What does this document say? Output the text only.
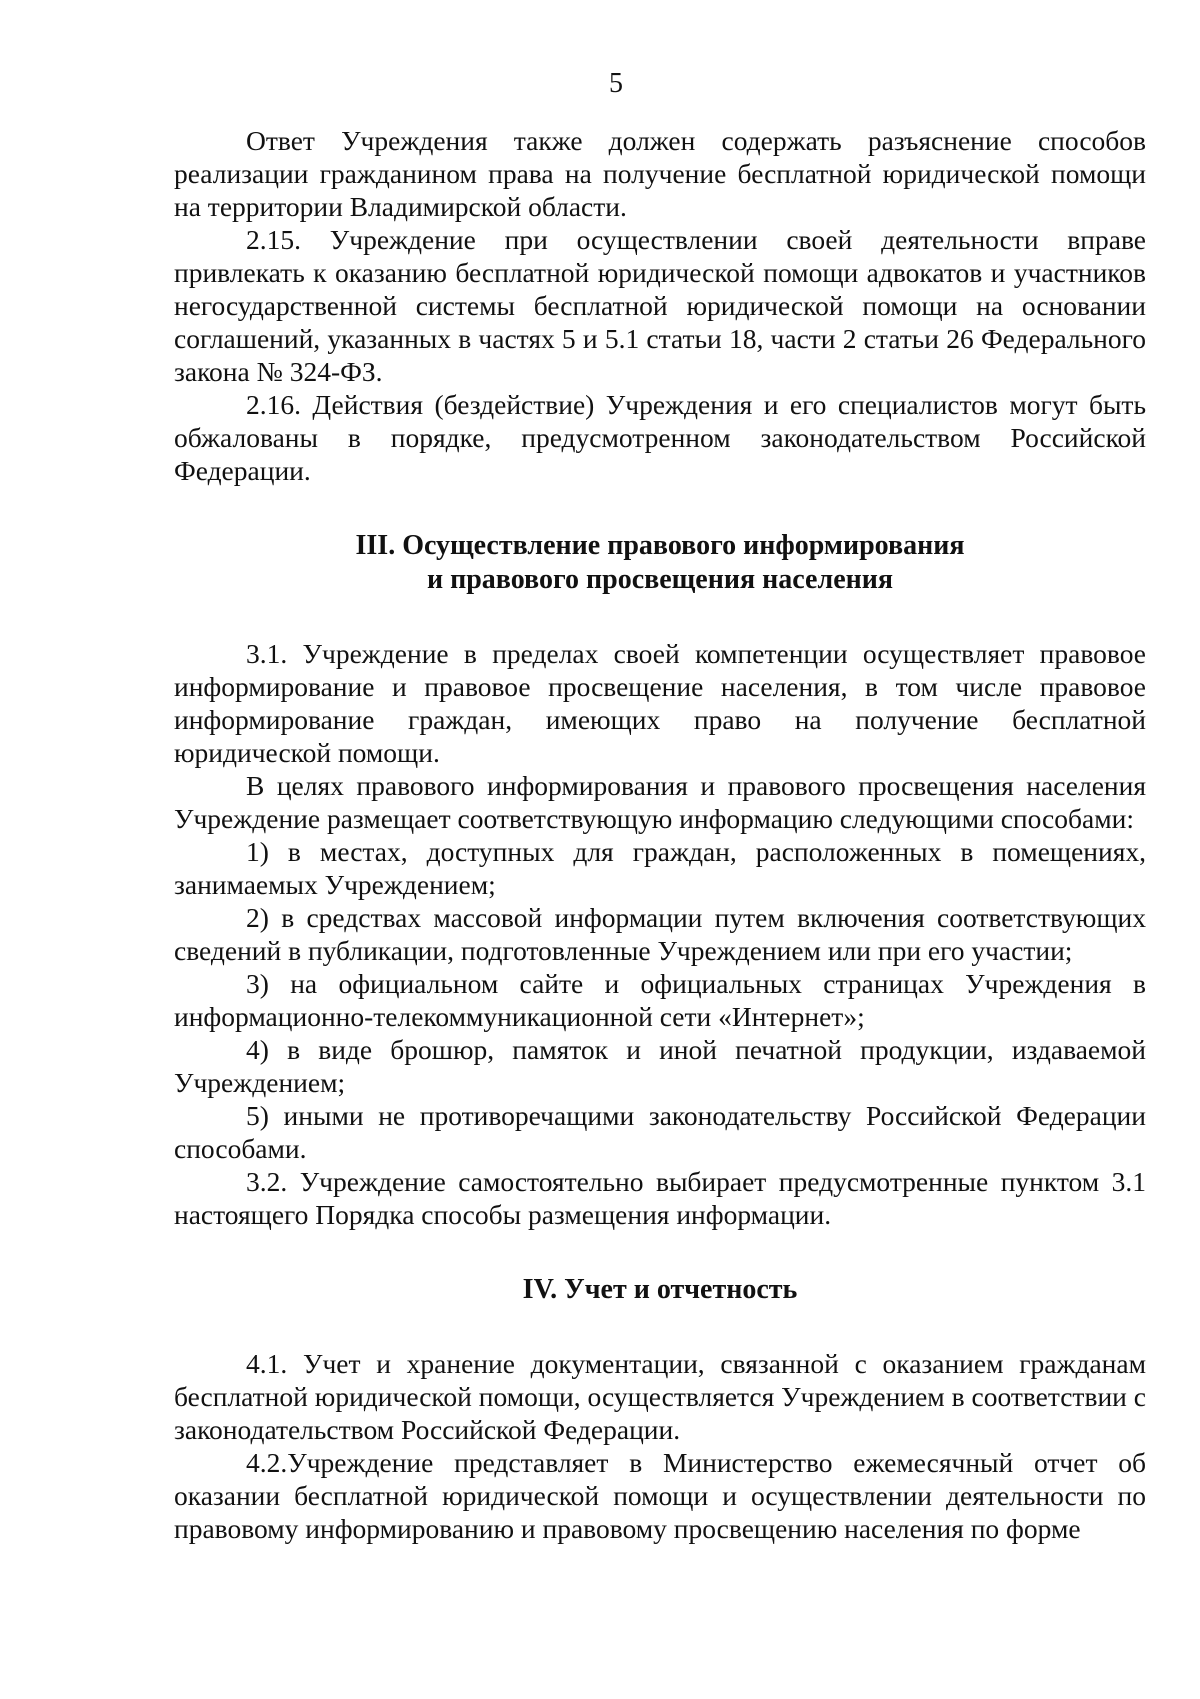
5

Ответ Учреждения также должен содержать разъяснение способов реализации гражданином права на получение бесплатной юридической помощи на территории Владимирской области.

2.15. Учреждение при осуществлении своей деятельности вправе привлекать к оказанию бесплатной юридической помощи адвокатов и участников негосударственной системы бесплатной юридической помощи на основании соглашений, указанных в частях 5 и 5.1 статьи 18, части 2 статьи 26 Федерального закона № 324-ФЗ.

2.16. Действия (бездействие) Учреждения и его специалистов могут быть обжалованы в порядке, предусмотренном законодательством Российской Федерации.

III. Осуществление правового информирования
и правового просвещения населения

3.1. Учреждение в пределах своей компетенции осуществляет правовое информирование и правовое просвещение населения, в том числе правовое информирование граждан, имеющих право на получение бесплатной юридической помощи.

В целях правового информирования и правового просвещения населения Учреждение размещает соответствующую информацию следующими способами:

1) в местах, доступных для граждан, расположенных в помещениях, занимаемых Учреждением;

2) в средствах массовой информации путем включения соответствующих сведений в публикации, подготовленные Учреждением или при его участии;

3) на официальном сайте и официальных страницах Учреждения в информационно-телекоммуникационной сети «Интернет»;

4) в виде брошюр, памяток и иной печатной продукции, издаваемой Учреждением;

5) иными не противоречащими законодательству Российской Федерации способами.

3.2. Учреждение самостоятельно выбирает предусмотренные пунктом 3.1 настоящего Порядка способы размещения информации.

IV. Учет и отчетность

4.1. Учет и хранение документации, связанной с оказанием гражданам бесплатной юридической помощи, осуществляется Учреждением в соответствии с законодательством Российской Федерации.

4.2.Учреждение представляет в Министерство ежемесячный отчет об оказании бесплатной юридической помощи и осуществлении деятельности по правовому информированию и правовому просвещению населения по форме
